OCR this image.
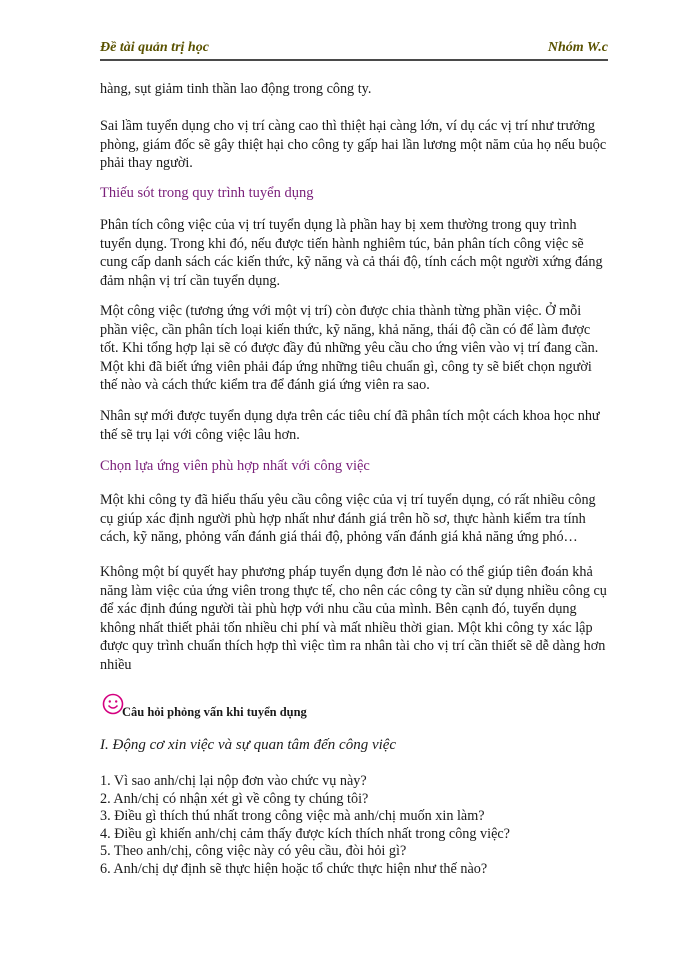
Đề tài quản trị học	Nhóm W.c

hàng, sụt giảm tinh thần lao động trong công ty.

Sai lầm tuyển dụng cho vị trí càng cao thì thiệt hại càng lớn, ví dụ các vị trí như trưởng phòng, giám đốc sẽ gây thiệt hại cho công ty gấp hai lần lương một năm của họ nếu buộc phải thay người.

Thiếu sót trong quy trình tuyển dụng

Phân tích công việc của vị trí tuyển dụng là phần hay bị xem thường trong quy trình tuyển dụng. Trong khi đó, nếu được tiến hành nghiêm túc, bản phân tích công việc sẽ cung cấp danh sách các kiến thức, kỹ năng và cả thái độ, tính cách một người xứng đáng đảm nhận vị trí cần tuyển dụng.

Một công việc (tương ứng với một vị trí) còn được chia thành từng phần việc. Ở mỗi phần việc, cần phân tích loại kiến thức, kỹ năng, khả năng, thái độ cần có để làm được tốt. Khi tổng hợp lại sẽ có được đầy đủ những yêu cầu cho ứng viên vào vị trí đang cần. Một khi đã biết ứng viên phải đáp ứng những tiêu chuẩn gì, công ty sẽ biết chọn người thế nào và cách thức kiểm tra để đánh giá ứng viên ra sao.

Nhân sự mới được tuyển dụng dựa trên các tiêu chí đã phân tích một cách khoa học như thế sẽ trụ lại với công việc lâu hơn.

Chọn lựa ứng viên phù hợp nhất với công việc

Một khi công ty đã hiểu thấu yêu cầu công việc của vị trí tuyển dụng, có rất nhiều công cụ giúp xác định người phù hợp nhất như đánh giá trên hồ sơ, thực hành kiểm tra tính cách, kỹ năng, phỏng vấn đánh giá thái độ, phỏng vấn đánh giá khả năng ứng phó…

Không một bí quyết hay phương pháp tuyển dụng đơn lẻ nào có thể giúp tiên đoán khả năng làm việc của ứng viên trong thực tế, cho nên các công ty cần sử dụng nhiều công cụ để xác định đúng người tài phù hợp với nhu cầu của mình. Bên cạnh đó, tuyển dụng không nhất thiết phải tốn nhiều chi phí và mất nhiều thời gian. Một khi công ty xác lập được quy trình chuẩn thích hợp thì việc tìm ra nhân tài cho vị trí cần thiết sẽ dễ dàng hơn nhiều

Câu hỏi phỏng vấn khi tuyển dụng

I. Động cơ xin việc và sự quan tâm đến công việc

1. Vì sao anh/chị lại nộp đơn vào chức vụ này?
2. Anh/chị có nhận xét gì về công ty chúng tôi?
3. Điều gì thích thú nhất trong công việc mà anh/chị muốn xin làm?
4. Điều gì khiến anh/chị cảm thấy được kích thích nhất trong công việc?
5. Theo anh/chị, công việc này có yêu cầu, đòi hỏi gì?
6. Anh/chị dự định sẽ thực hiện hoặc tổ chức thực hiện như thế nào?
